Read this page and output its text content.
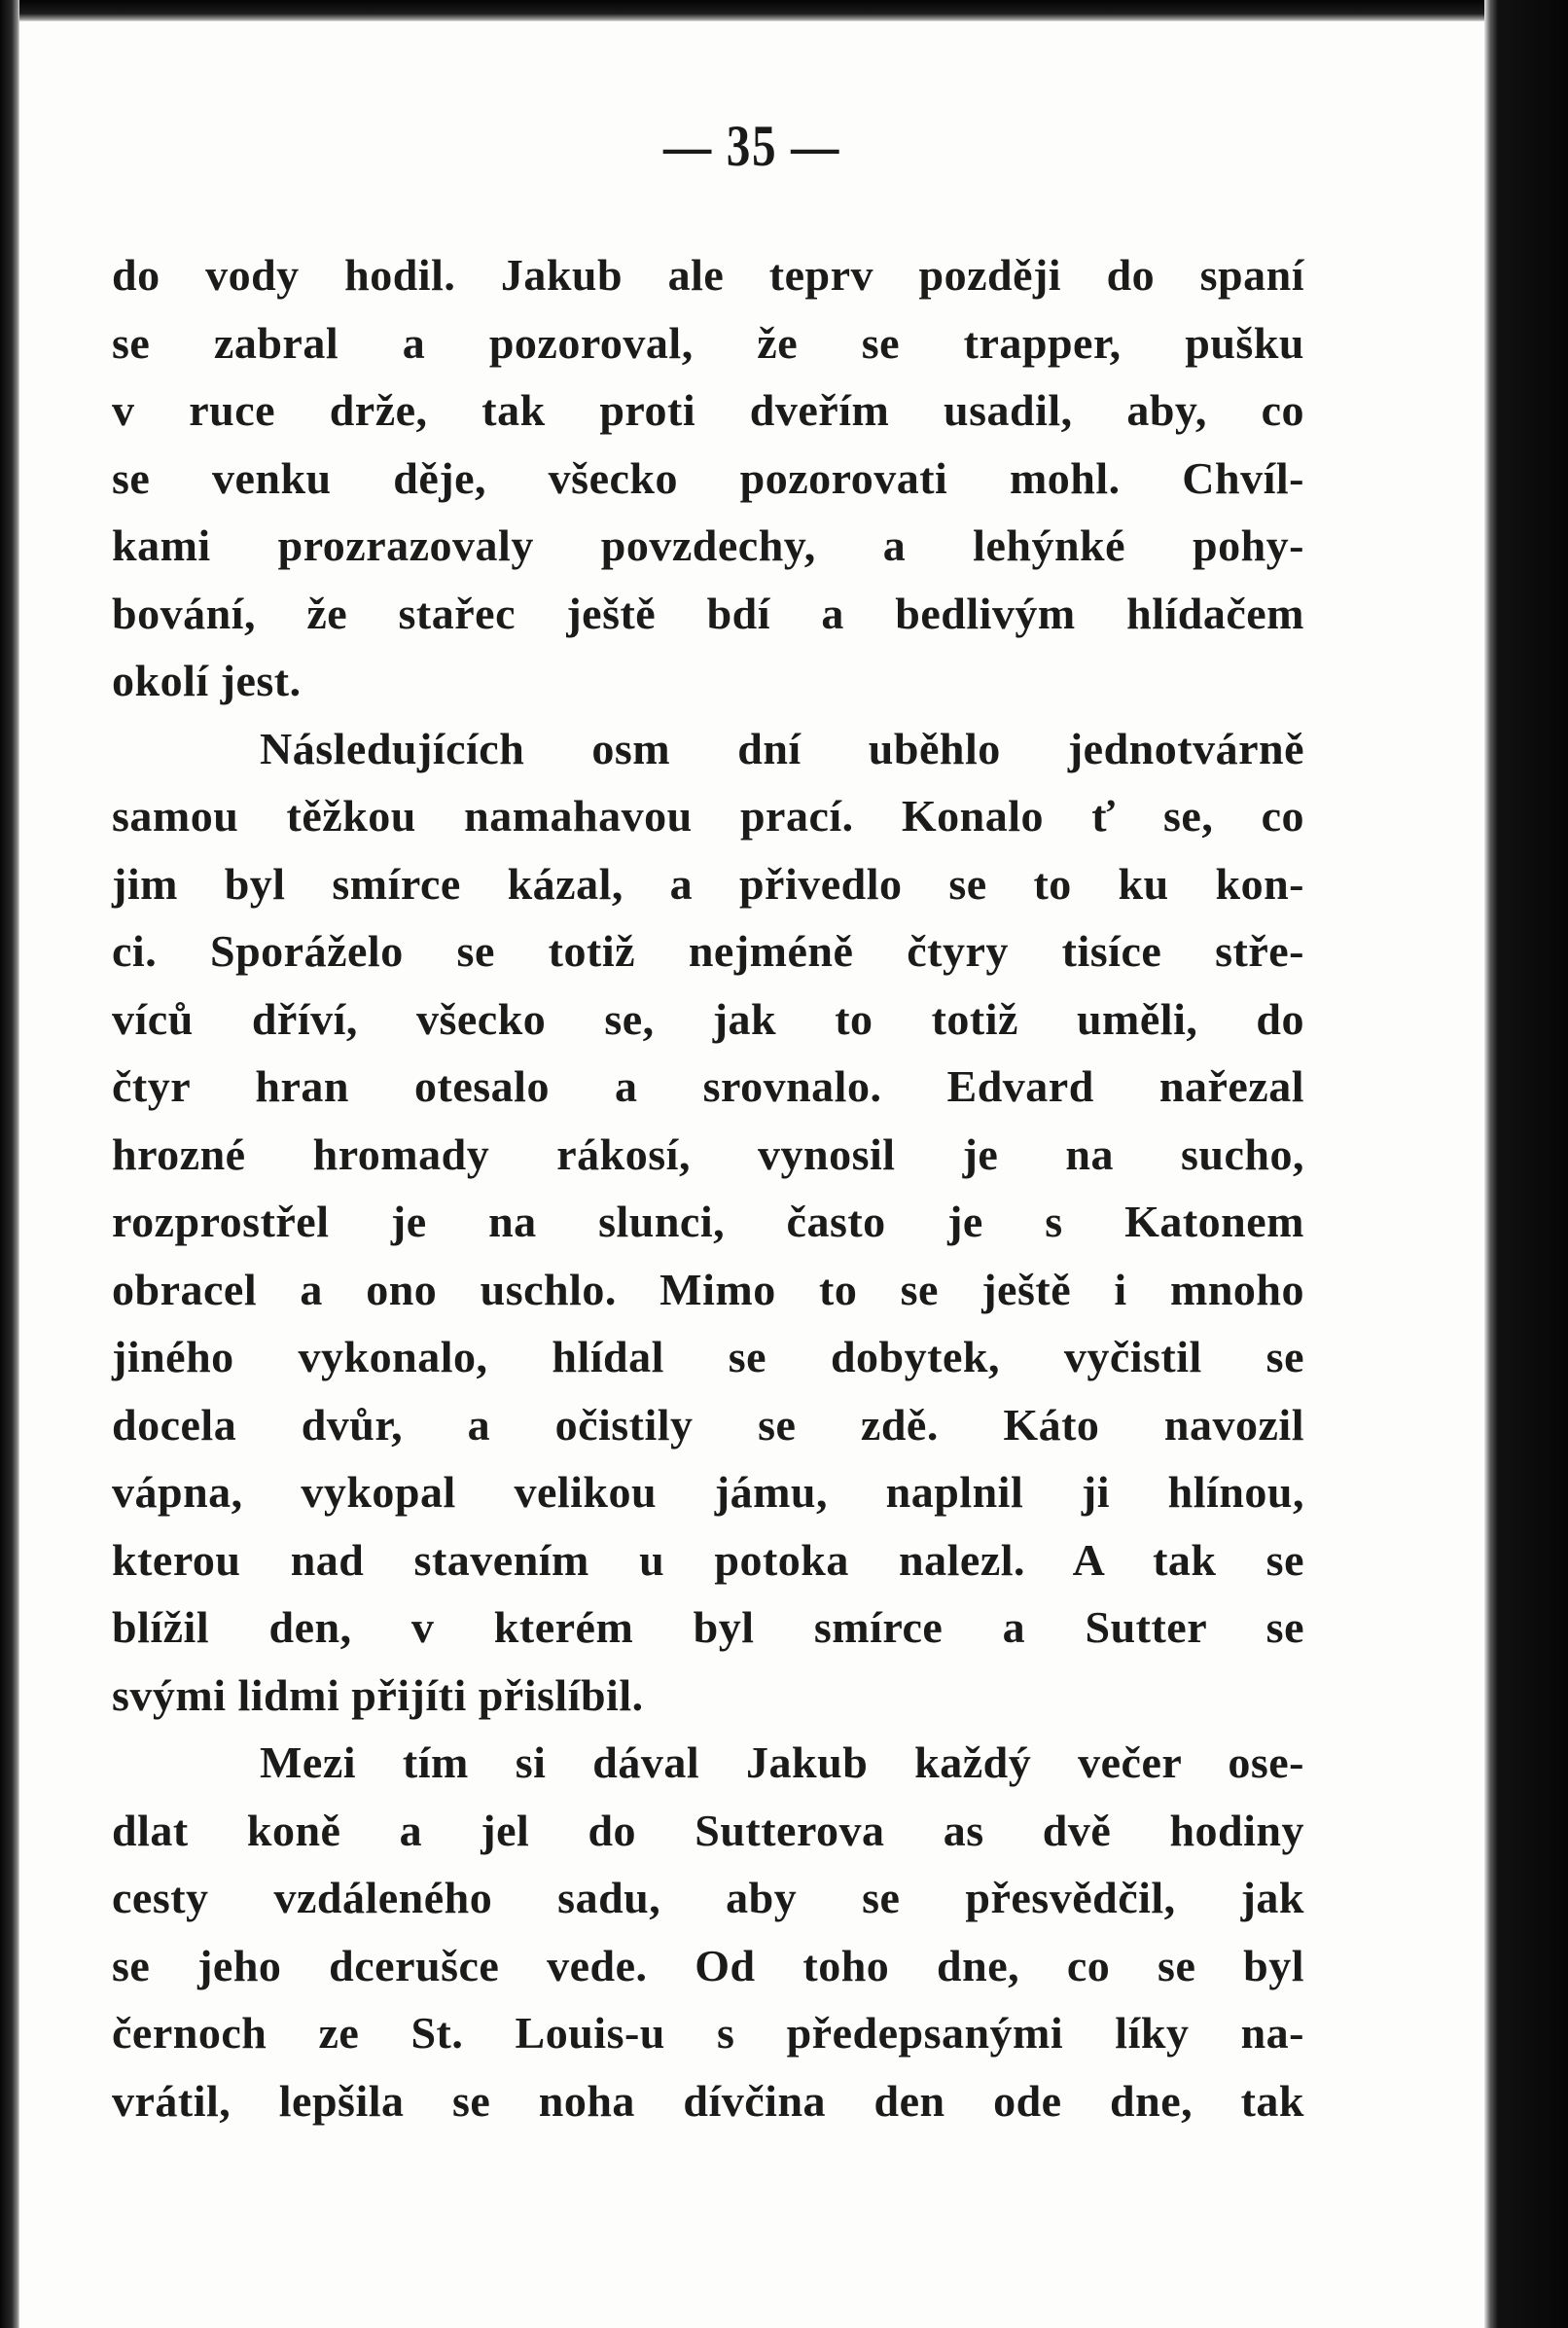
— 35 —
do vody hodil. Jakub ale teprv později do spaní
se zabral a pozoroval, že se trapper, pušku
v ruce drže, tak proti dveřím usadil, aby, co
se venku děje, všecko pozorovati mohl. Chvíl-
kami prozrazovaly povzdechy, a lehýnké pohy-
bování, že stařec ještě bdí a bedlivým hlídačem
okolí jest.
Následujících osm dní uběhlo jednotvárně
samou těžkou namahavou prací. Konalo ť se, co
jim byl smírce kázal, a přivedlo se to ku kon-
ci. Sporáželo se totiž nejméně čtyry tisíce stře-
víců dříví, všecko se, jak to totiž uměli, do
čtyr hran otesalo a srovnalo. Edvard nařezal
hrozné hromady rákosí, vynosil je na sucho,
rozprostřel je na slunci, často je s Katonem
obracel a ono uschlo. Mimo to se ještě i mnoho
jiného vykonalo, hlídal se dobytek, vyčistil se
docela dvůr, a očistily se zdě. Káto navozil
vápna, vykopal velikou jámu, naplnil ji hlínou,
kterou nad stavením u potoka nalezl. A tak se
blížil den, v kterém byl smírce a Sutter se
svými lidmi přijíti přislíbil.
Mezi tím si dával Jakub každý večer ose-
dlat koně a jel do Sutterova as dvě hodiny
cesty vzdáleného sadu, aby se přesvědčil, jak
se jeho dcerušce vede. Od toho dne, co se byl
černoch ze St. Louis-u s předepsanými líky na-
vrátil, lepšila se noha dívčina den ode dne, tak
